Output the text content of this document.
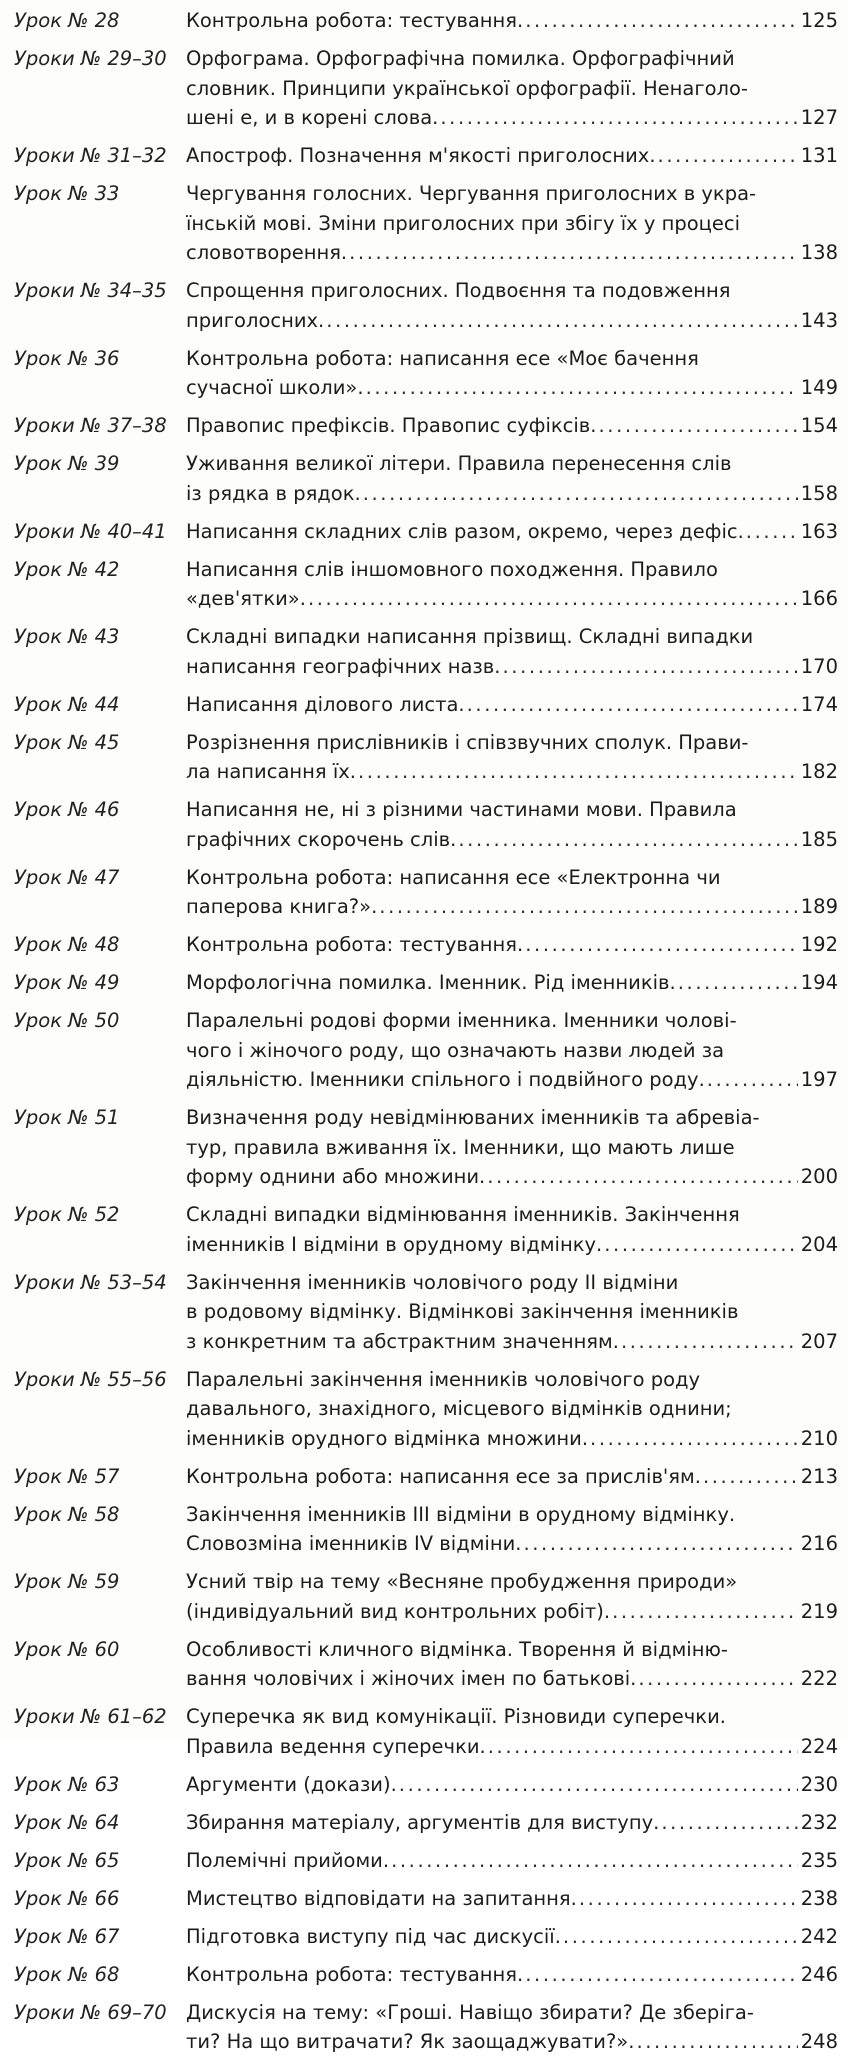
Урок № 28	Контрольна робота: тестування. .....	125
Уроки № 29–30 Орфограма. Орфографічна помилка. Орфографічний
словник. Принципи української орфографії. Ненаголо-
шені е, и в корені слова. .....	127
Уроки № 31–32 Апостроф. Позначення м'якості приголосних. .....	131
Урок № 33	Чергування голосних. Чергування приголосних в укра-
їнській мові. Зміни приголосних при збігу їх у процесі
словотворення. .....	138
Уроки № 34–35 Спрощення приголосних. Подвоєння та подовження
приголосних. .....	143
Урок № 36	Контрольна робота: написання есе «Моє бачення
сучасної школи». .....	149
Уроки № 37–38 Правопис префіксів. Правопис суфіксів. .....	154
Урок № 39	Уживання великої літери. Правила перенесення слів
із рядка в рядок. .....	158
Уроки № 40–41 Написання складних слів разом, окремо, через дефіс. .....	163
Урок № 42	Написання слів іншомовного походження. Правило
«дев'ятки». .....	166
Урок № 43	Складні випадки написання прізвищ. Складні випадки
написання географічних назв. .....	170
Урок № 44	Написання ділового листа. .....	174
Урок № 45	Розрізнення прислівників і співзвучних сполук. Прави-
ла написання їх. .....	182
Урок № 46	Написання не, ні з різними частинами мови. Правила
графічних скорочень слів. .....	185
Урок № 47	Контрольна робота: написання есе «Електронна чи
паперова книга?». .....	189
Урок № 48	Контрольна робота: тестування. .....	192
Урок № 49	Морфологічна помилка. Іменник. Рід іменників. .....	194
Урок № 50	Паралельні родові форми іменника. Іменники чолові-
чого і жіночого роду, що означають назви людей за
діяльністю. Іменники спільного і подвійного роду. .....	197
Урок № 51	Визначення роду невідмінюваних іменників та абревіа-
тур, правила вживання їх. Іменники, що мають лише
форму однини або множини. .....	200
Урок № 52	Складні випадки відмінювання іменників. Закінчення
іменників І відміни в орудному відмінку. .....	204
Уроки № 53–54 Закінчення іменників чоловічого роду ІІ відміни
в родовому відмінку. Відмінкові закінчення іменників
з конкретним та абстрактним значенням. .....	207
Уроки № 55–56 Паралельні закінчення іменників чоловічого роду
давального, знахідного, місцевого відмінків однини;
іменників орудного відмінка множини. .....	210
Урок № 57	Контрольна робота: написання есе за прислів'ям. .....	213
Урок № 58	Закінчення іменників ІІІ відміни в орудному відмінку.
Словозміна іменників IV відміни. .....	216
Урок № 59	Усний твір на тему «Весняне пробудження природи»
(індивідуальний вид контрольних робіт). .....	219
Урок № 60	Особливості кличного відмінка. Творення й відміню-
вання чоловічих і жіночих імен по батькові. .....	222
Уроки № 61–62 Суперечка як вид комунікації. Різновиди суперечки.
Правила ведення суперечки. .....	224
Урок № 63	Аргументи (докази). .....	230
Урок № 64	Збирання матеріалу, аргументів для виступу. .....	232
Урок № 65	Полемічні прийоми. .....	235
Урок № 66	Мистецтво відповідати на запитання. .....	238
Урок № 67	Підготовка виступу під час дискусії. .....	242
Урок № 68	Контрольна робота: тестування. .....	246
Уроки № 69–70 Дискусія на тему: «Гроші. Навіщо збирати? Де зберіга-
ти? На що витрачати? Як заощаджувати?». .....	248
